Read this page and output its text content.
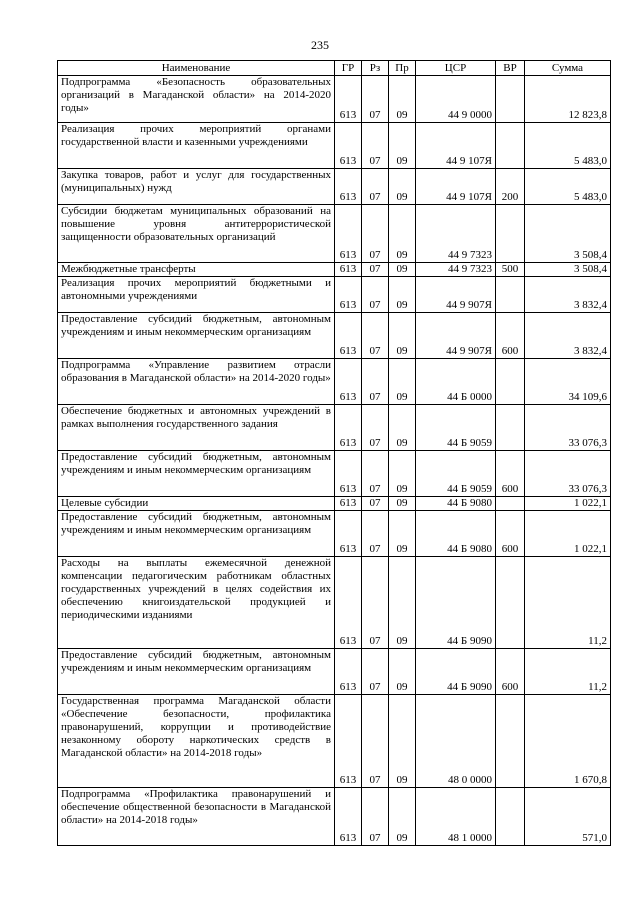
235
Наименование	ГР	Рз	Пр	ЦСР	ВР	Сумма
Подпрограмма «Безопасность образовательных организаций в Магаданской области» на 2014-2020 годы»	613	07	09	44 9 0000		12 823,8
Реализация прочих мероприятий органами государственной власти и казенными учреждениями	613	07	09	44 9 107Я		5 483,0
Закупка товаров, работ и услуг для государственных (муниципальных) нужд	613	07	09	44 9 107Я	200	5 483,0
Субсидии бюджетам муниципальных образований на повышение уровня антитеррористической защищенности образовательных организаций	613	07	09	44 9 7323		3 508,4
Межбюджетные трансферты	613	07	09	44 9 7323	500	3 508,4
Реализация прочих мероприятий бюджетными и автономными учреждениями	613	07	09	44 9 907Я		3 832,4
Предоставление субсидий бюджетным, автономным учреждениям и иным некоммерческим организациям	613	07	09	44 9 907Я	600	3 832,4
Подпрограмма «Управление развитием отрасли образования в Магаданской области» на 2014-2020 годы»	613	07	09	44 Б 0000		34 109,6
Обеспечение бюджетных и автономных учреждений в рамках выполнения государственного задания	613	07	09	44 Б 9059		33 076,3
Предоставление субсидий бюджетным, автономным учреждениям и иным некоммерческим организациям	613	07	09	44 Б 9059	600	33 076,3
Целевые субсидии	613	07	09	44 Б 9080		1 022,1
Предоставление субсидий бюджетным, автономным учреждениям и иным некоммерческим организациям	613	07	09	44 Б 9080	600	1 022,1
Расходы на выплаты ежемесячной денежной компенсации педагогическим работникам областных государственных учреждений в целях содействия их обеспечению книгоиздательской продукцией и периодическими изданиями	613	07	09	44 Б 9090		11,2
Предоставление субсидий бюджетным, автономным учреждениям и иным некоммерческим организациям	613	07	09	44 Б 9090	600	11,2
Государственная программа Магаданской области «Обеспечение безопасности, профилактика правонарушений, коррупции и противодействие незаконному обороту наркотических средств в Магаданской области» на 2014-2018 годы»	613	07	09	48 0 0000		1 670,8
Подпрограмма «Профилактика правонарушений и обеспечение общественной безопасности в Магаданской области» на 2014-2018 годы»	613	07	09	48 1 0000		571,0
